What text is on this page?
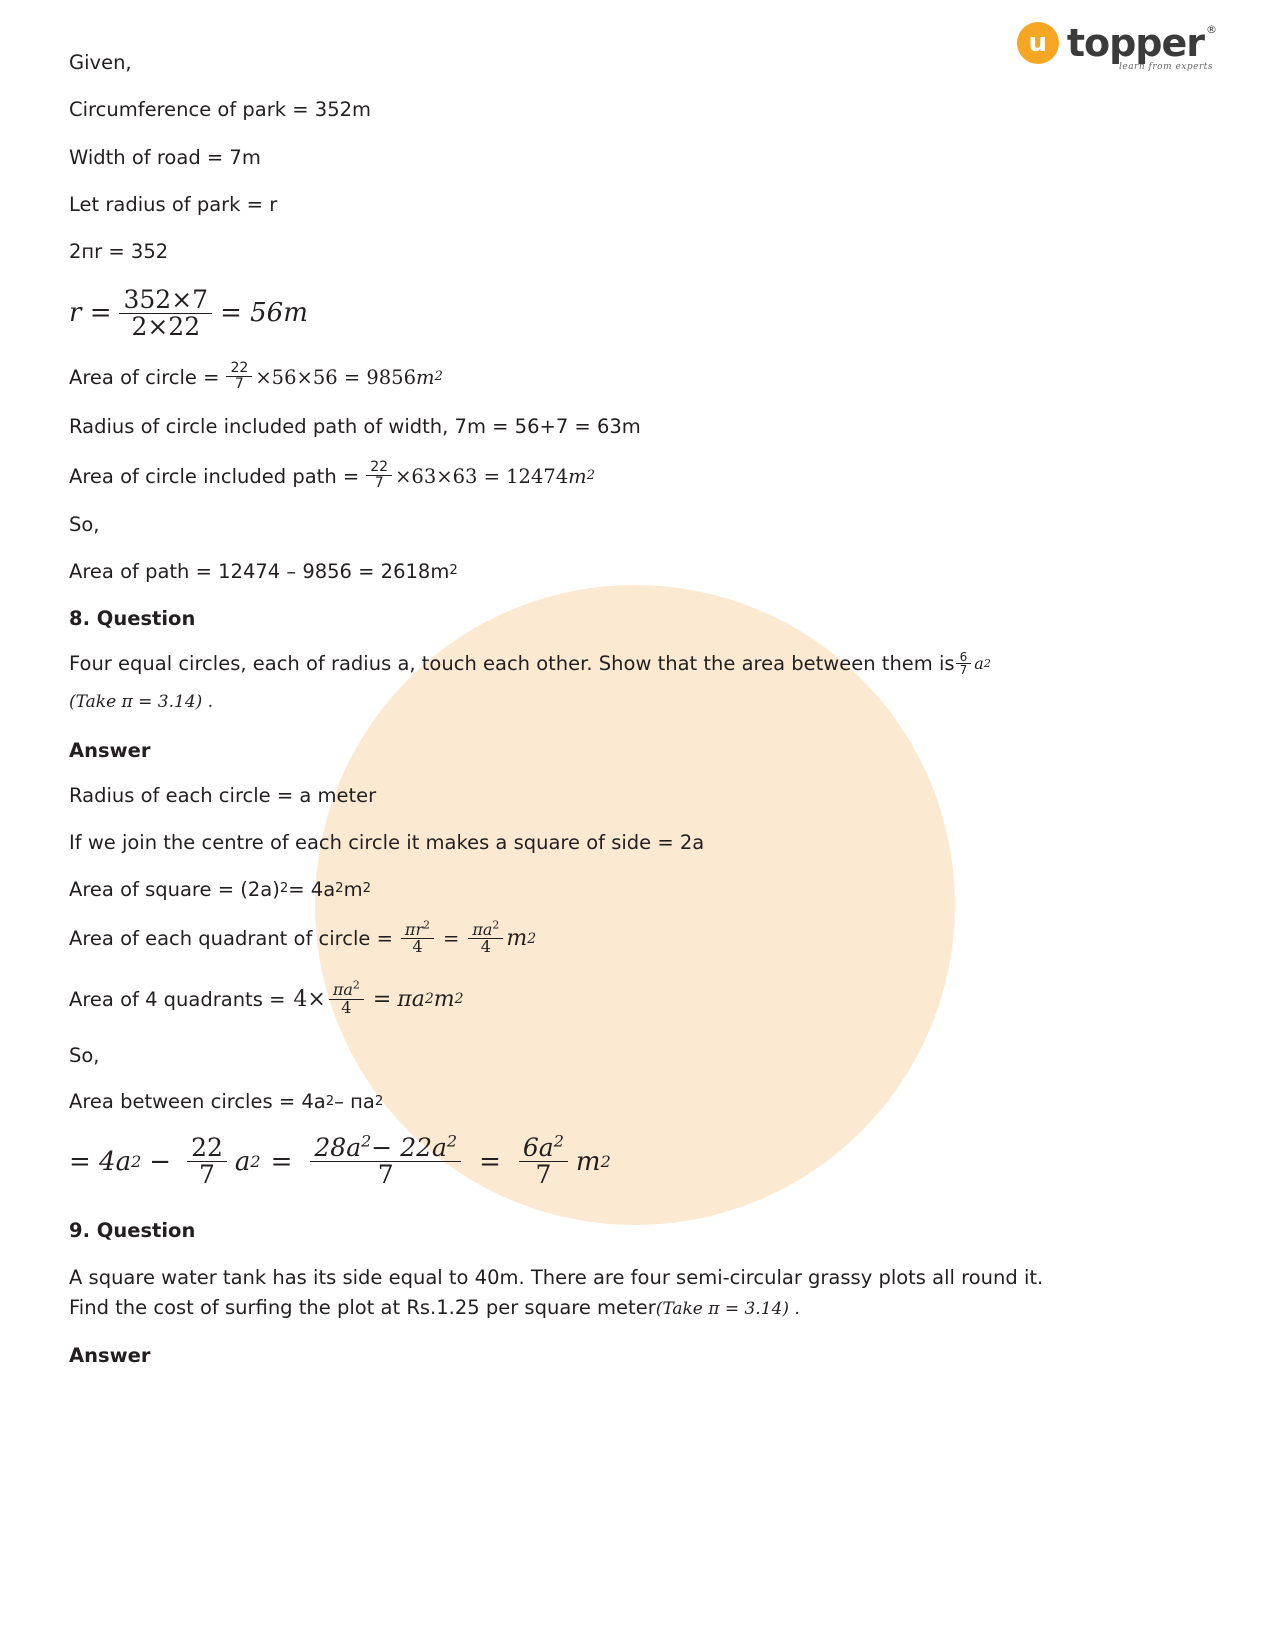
u topper ®
learn from experts
Given,
Circumference of park = 352m
Width of road = 7m
Let radius of park = r
2пr = 352
$r = \frac{352\times 7}{2\times 22} = 56m$
Area of circle = $\frac{22}{7} \times 56\times 56 = 9856$ m 2
Radius of circle included path of width, 7m = 56+7 = 63m
Area of circle included path = $\frac{22}{7} \times 63\times 63 = 12474$ m 2
So,
Area of path = 12474 – 9856 = 2618 m 2
8. Question
Four equal circles, each of radius a, touch each other. Show that the area between them is $\frac{6}{7}$ a 2
(Take π = 3.14) .
Answer
Radius of each circle = a meter
If we join the centre of each circle it makes a square of side = 2a
Area of square = (2a) 2 = 4a 2 m 2
Area of each quadrant of circle = $\frac{\pi r^2}{4} = \frac{\pi a^2}{4}$ m 2
Area of 4 quadrants = $4\times \frac{\pi a^2}{4} = \pi a$ 2 m 2
So,
Area between circles = 4a 2 – пa 2
= 4a $2 - \frac{22}{7}$ a $2 = \frac{28a^2- 22a^2}{7} = \frac{6a^2}{7}$ m 2
9. Question
A square water tank has its side equal to 40m. There are four semi-circular grassy plots all round it.
Find the cost of surfing the plot at Rs.1.25 per square meter(Take π = 3.14) .
Answer
